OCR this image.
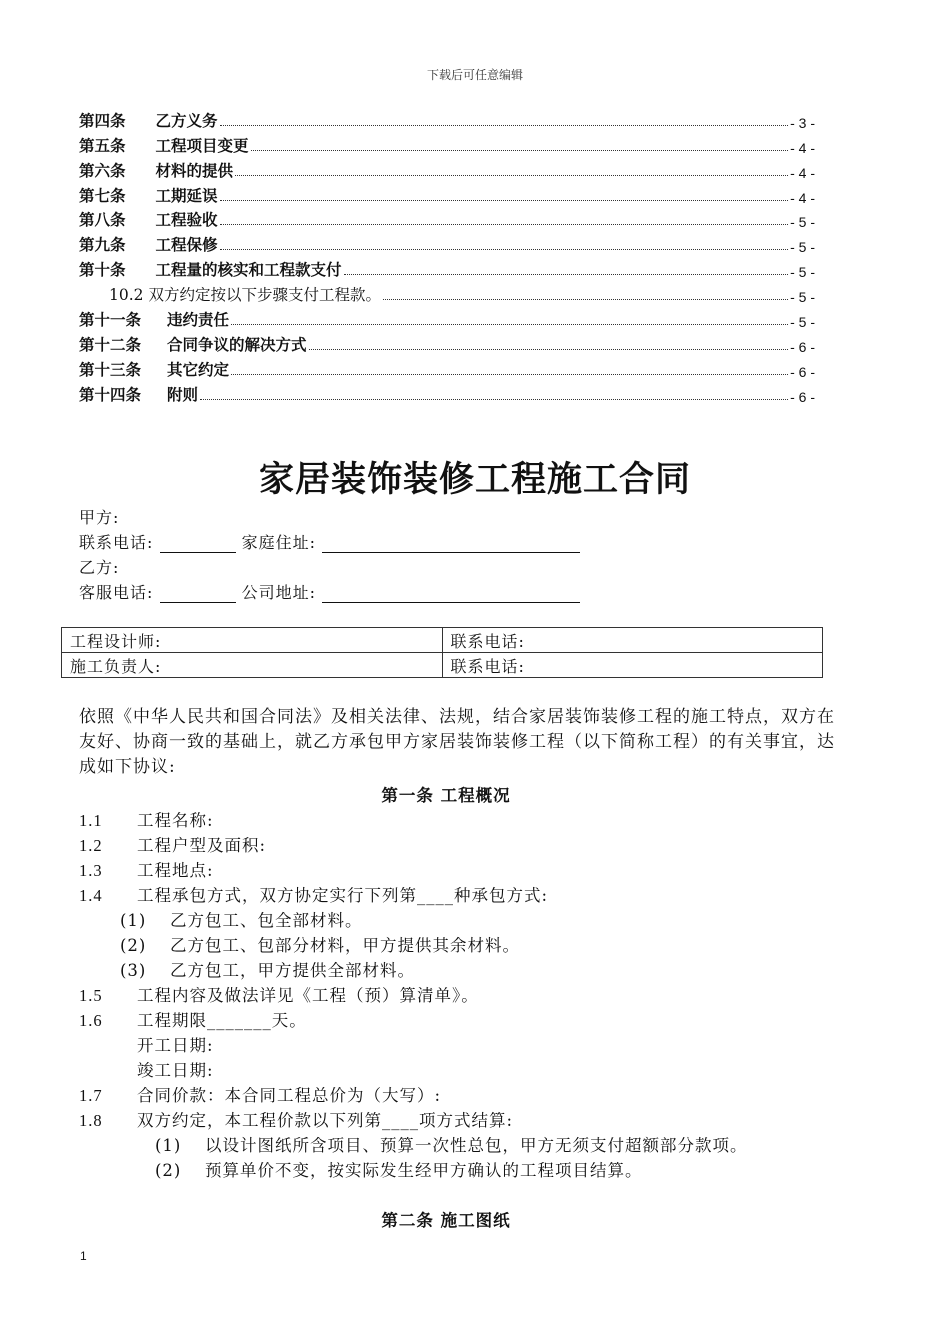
下载后可任意编辑
第四条 乙方义务	- 3 -
第五条 工程项目变更	- 4 -
第六条 材料的提供	- 4 -
第七条 工期延误	- 4 -
第八条 工程验收	- 5 -
第九条 工程保修	- 5 -
第十条 工程量的核实和工程款支付	- 5 -
10.2 双方约定按以下步骤支付工程款。	- 5 -
第十一条 违约责任	- 5 -
第十二条 合同争议的解决方式	- 6 -
第十三条 其它约定	- 6 -
第十四条 附则	- 6 -
家居装饰装修工程施工合同
甲方:
联系电话:	家庭住址:
乙方:
客服电话:	公司地址:
工程设计师:	联系电话:
施工负责人:	联系电话:
依照《中华人民共和国合同法》及相关法律、法规，结合家居装饰装修工程的施工特点，双方在友好、协商一致的基础上，就乙方承包甲方家居装饰装修工程（以下简称工程）的有关事宜，达成如下协议:
第一条 工程概况
1.1 工程名称:
1.2 工程户型及面积:
1.3 工程地点:
1.4 工程承包方式，双方协定实行下列第____种承包方式:
(1) 乙方包工、包全部材料。
(2) 乙方包工、包部分材料，甲方提供其余材料。
(3) 乙方包工，甲方提供全部材料。
1.5 工程内容及做法详见《工程（预）算清单》。
1.6 工程期限_______天。
开工日期:
竣工日期:
1.7 合同价款：本合同工程总价为（大写）:
1.8 双方约定，本工程价款以下列第____项方式结算:
(1) 以设计图纸所含项目、预算一次性总包，甲方无须支付超额部分款项。
(2) 预算单价不变，按实际发生经甲方确认的工程项目结算。
第二条 施工图纸
1
